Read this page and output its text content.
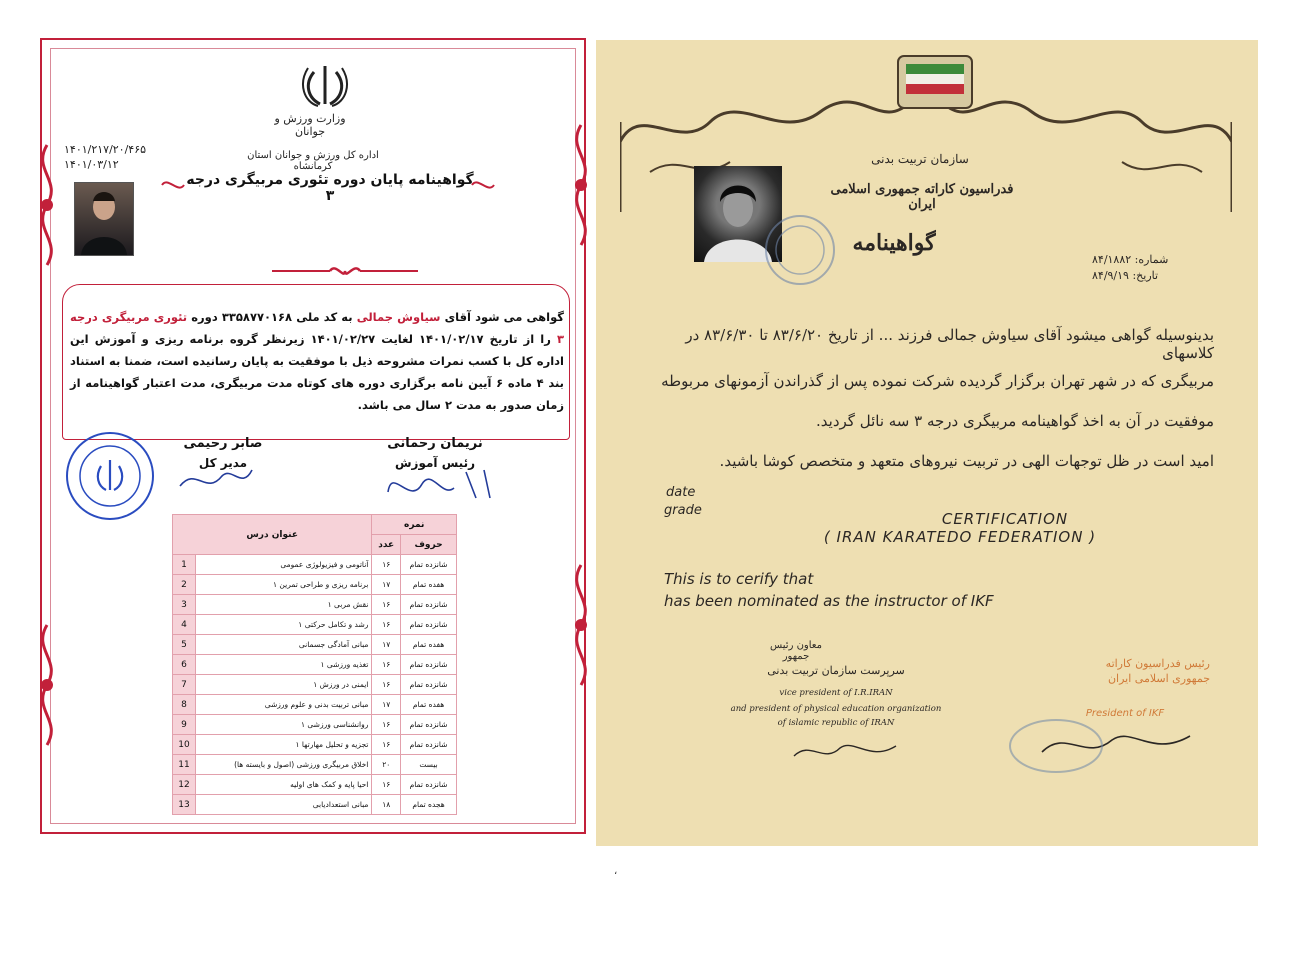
وزارت ورزش و جوانان
اداره کل ورزش و جوانان استان کرمانشاه
۱۴۰۱/۲۱۷/۲۰/۴۶۵
۱۴۰۱/۰۳/۱۲
گواهینامه پایان دوره تئوری مربیگری درجه ۳
گواهی می شود آقای سیاوش جمالی به کد ملی ۳۳۵۸۷۷۰۱۶۸ دوره تئوری مربیگری درجه ۳ را از تاریخ ۱۴۰۱/۰۲/۱۷ لغایت ۱۴۰۱/۰۲/۲۷ زیرنظر گروه برنامه ریزی و آموزش این اداره کل با کسب نمرات مشروحه ذیل با موفقیت به پایان رسانیده است، ضمنا به استناد بند ۴ ماده ۶ آیین نامه برگزاری دوره های کوتاه مدت مربیگری، مدت اعتبار گواهینامه از زمان صدور به مدت ۲ سال می باشد.
نریمان رحمانی
رئیس آموزش
صابر رحیمی
مدیر کل
عنوان درس		نمره	
		عدد	حروف
1	آناتومی و فیزیولوژی عمومی	۱۶	شانزده تمام
2	برنامه ریزی و طراحی تمرین ۱	۱۷	هفده تمام
3	نقش مربی ۱	۱۶	شانزده تمام
4	رشد و تکامل حرکتی ۱	۱۶	شانزده تمام
5	مبانی آمادگی جسمانی	۱۷	هفده تمام
6	تغذیه ورزشی ۱	۱۶	شانزده تمام
7	ایمنی در ورزش ۱	۱۶	شانزده تمام
8	مبانی تربیت بدنی و علوم ورزشی	۱۷	هفده تمام
9	روانشناسی ورزشی ۱	۱۶	شانزده تمام
10	تجزیه و تحلیل مهارتها ۱	۱۶	شانزده تمام
11	اخلاق مربیگری ورزشی (اصول و بایسته ها)	۲۰	بیست
12	احیا پایه و کمک های اولیه	۱۶	شانزده تمام
13	مبانی استعدادیابی	۱۸	هجده تمام
سازمان تربیت بدنی
فدراسیون کاراته جمهوری اسلامی ایران
گواهینامه
شماره: ۸۴/۱۸۸۲
تاریخ: ۸۴/۹/۱۹
بدینوسیله گواهی میشود آقای سیاوش جمالی فرزند ... از تاریخ ۸۳/۶/۲۰ تا ۸۳/۶/۳۰ در کلاسهای
مربیگری که در شهر تهران برگزار گردیده شرکت نموده پس از گذراندن آزمونهای مربوطه
موفقیت در آن به اخذ گواهینامه مربیگری درجه ۳ سه نائل گردید.
امید است در ظل توجهات الهی در تربیت نیروهای متعهد و متخصص کوشا باشید.
date
grade	CERTIFICATION
( IRAN KARATEDO FEDERATION )
This is to cerify that
has been nominated as the instructor of IKF
معاون رئیس جمهور
سرپرست سازمان تربیت بدنی
vice president of I.R.IRAN
and president of physical education organization
of islamic republic of IRAN
رئیس فدراسیون کاراته
جمهوری اسلامی ایران
President of IKF
،
